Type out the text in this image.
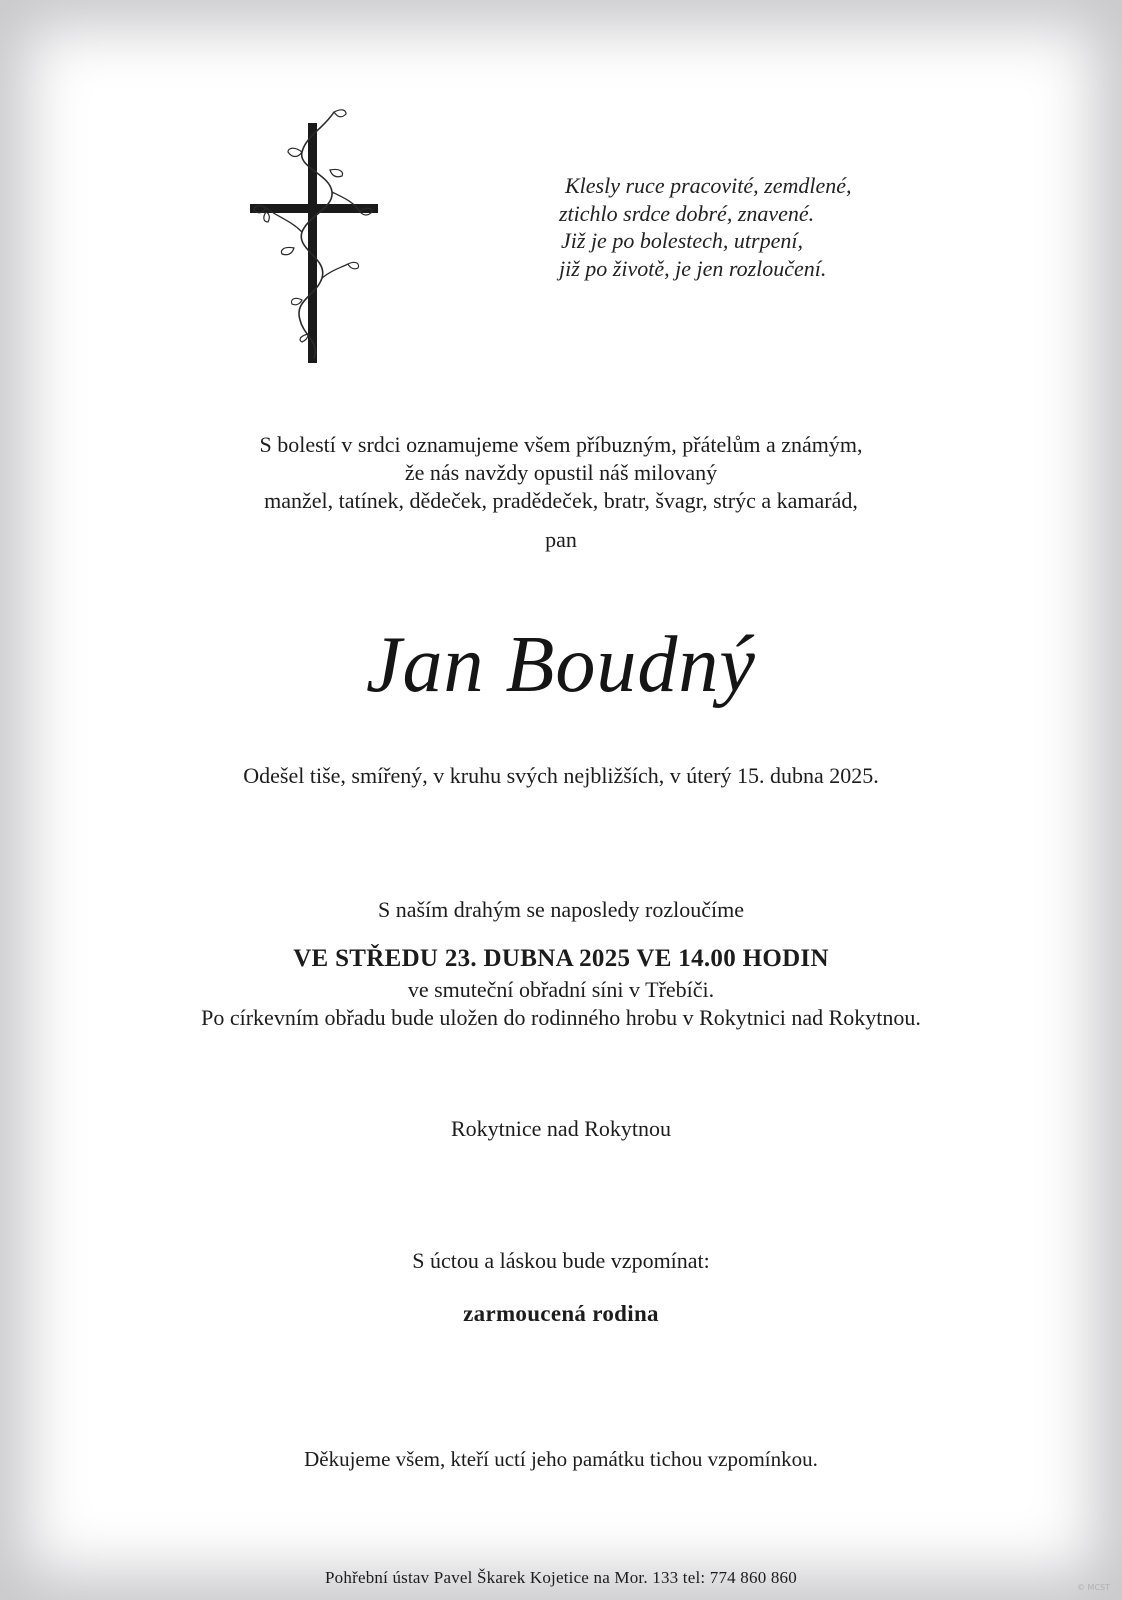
Klesly ruce pracovité, zemdlené,
ztichlo srdce dobré, znavené.
Již je po bolestech, utrpení,
již po životě, je jen rozloučení.
S bolestí v srdci oznamujeme všem příbuzným, přátelům a známým,
že nás navždy opustil náš milovaný
manžel, tatínek, dědeček, pradědeček, bratr, švagr, strýc a kamarád,
pan
Jan Boudný
Odešel tiše, smířený, v kruhu svých nejbližších, v úterý 15. dubna 2025.
S naším drahým se naposledy rozloučíme
VE STŘEDU 23. DUBNA 2025 VE 14.00 HODIN
ve smuteční obřadní síni v Třebíči.
Po církevním obřadu bude uložen do rodinného hrobu v Rokytnici nad Rokytnou.
Rokytnice nad Rokytnou
S úctou a láskou bude vzpomínat:
zarmoucená rodina
Děkujeme všem, kteří uctí jeho památku tichou vzpomínkou.
Pohřební ústav Pavel Škarek Kojetice na Mor. 133 tel: 774 860 860
© MCST
